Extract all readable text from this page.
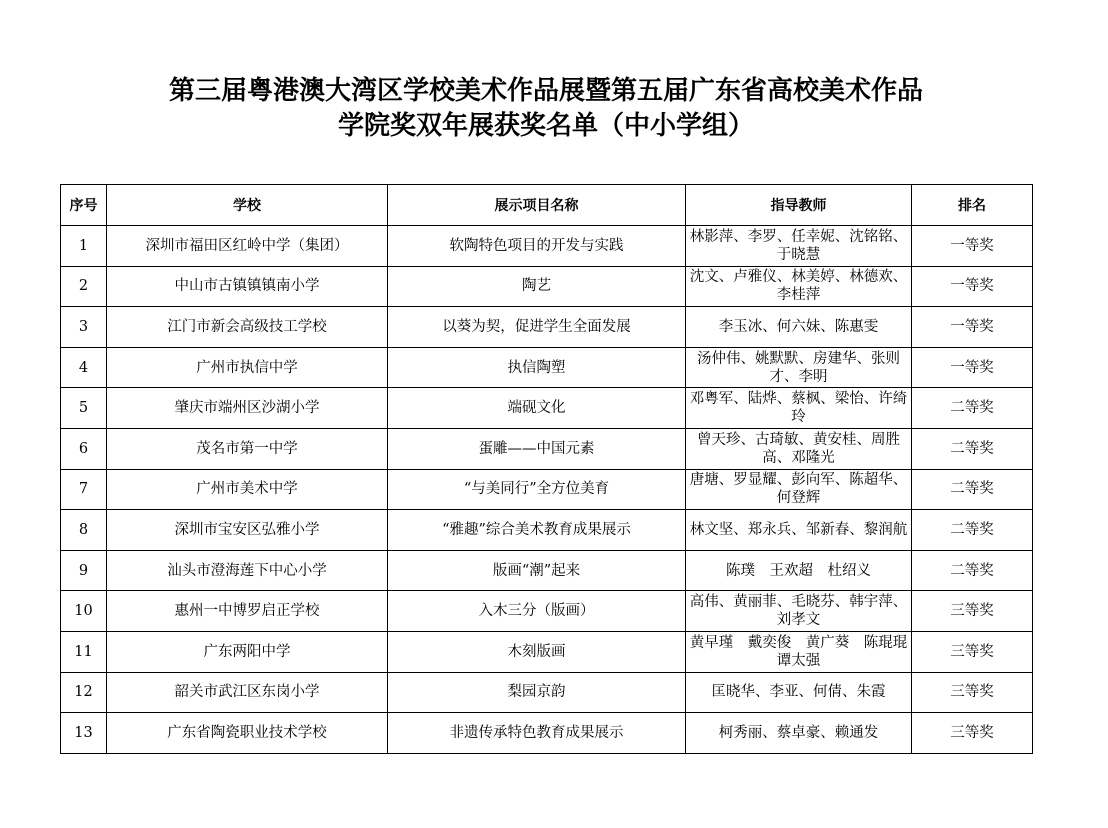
第三届粤港澳大湾区学校美术作品展暨第五届广东省高校美术作品
学院奖双年展获奖名单（中小学组）
序号	学校	展示项目名称	指导教师	排名
1	深圳市福田区红岭中学（集团）	软陶特色项目的开发与实践	林影萍、李罗、任幸妮、沈铭铭、于晓慧	一等奖
2	中山市古镇镇镇南小学	陶艺	沈文、卢雅仪、林美婷、林德欢、李桂萍	一等奖
3	江门市新会高级技工学校	以葵为契，促进学生全面发展	李玉冰、何六妹、陈惠雯	一等奖
4	广州市执信中学	执信陶塑	汤仲伟、姚默默、房建华、张则才、李明	一等奖
5	肇庆市端州区沙湖小学	端砚文化	邓粤军、陆烨、蔡枫、梁怡、许绮玲	二等奖
6	茂名市第一中学	蛋雕——中国元素	曾天珍、古琦敏、黄安桂、周胜高、邓隆光	二等奖
7	广州市美术中学	“与美同行”全方位美育	唐塘、罗显耀、彭向军、陈超华、何登辉	二等奖
8	深圳市宝安区弘雅小学	“雅趣”综合美术教育成果展示	林文坚、郑永兵、邹新春、黎润航	二等奖
9	汕头市澄海莲下中心小学	版画“潮”起来	陈璞　王欢超　杜绍义	二等奖
10	惠州一中博罗启正学校	入木三分（版画）	高伟、黄丽菲、毛晓芬、韩宇萍、刘孝文	三等奖
11	广东两阳中学	木刻版画	黄早瑾　戴奕俊　黄广葵　陈琨琨　谭太强	三等奖
12	韶关市武江区东岗小学	梨园京韵	匡晓华、李亚、何倩、朱霞	三等奖
13	广东省陶瓷职业技术学校	非遗传承特色教育成果展示	柯秀丽、蔡卓豪、赖通发	三等奖
